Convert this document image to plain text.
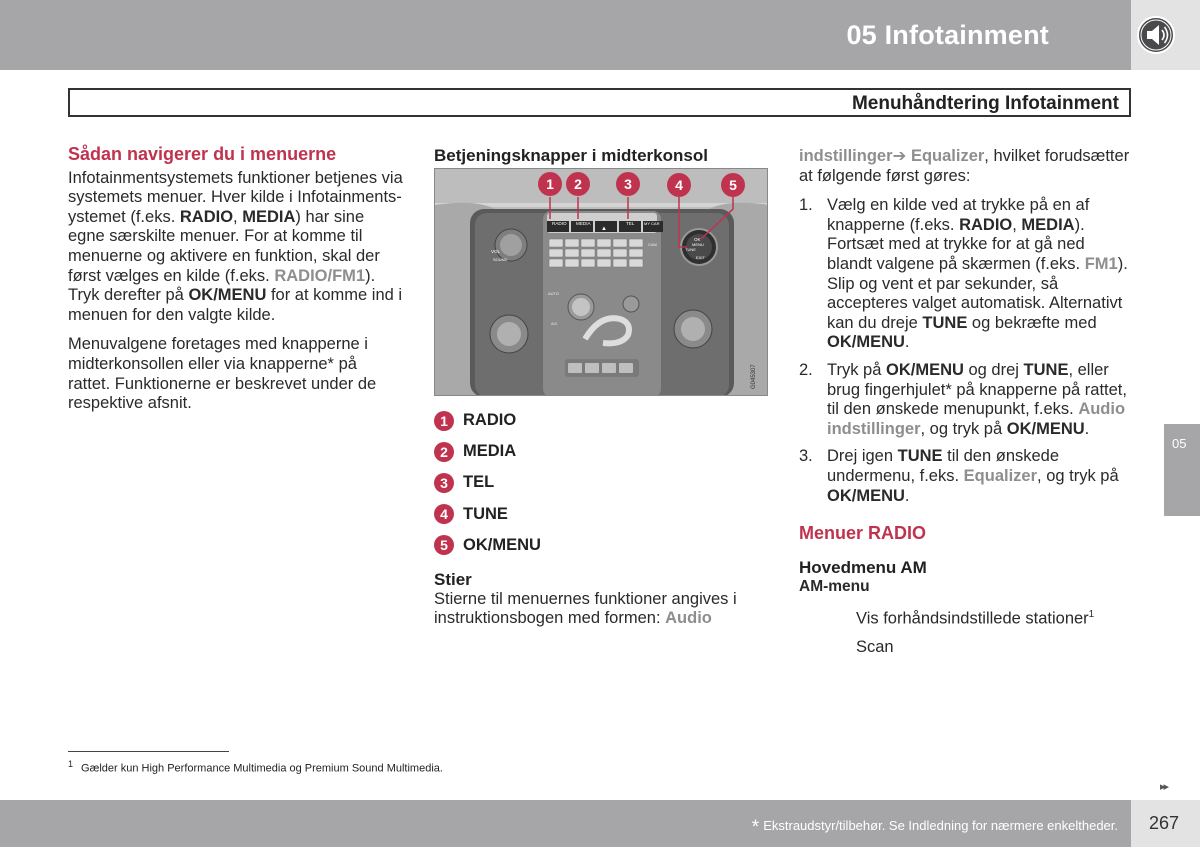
05 Infotainment
Menuhåndtering Infotainment
Sådan navigerer du i menuerne

Infotainmentsystemets funktioner betjenes via systemets menuer. Hver kilde i Infotainments-ystemet (f.eks. RADIO, MEDIA) har sine egne særskilte menuer. For at komme til menuerne og aktivere en funktion, skal der først vælges en kilde (f.eks. RADIO/FM1). Tryk derefter på OK/MENU for at komme ind i menuen for den valgte kilde.

Menuvalgene foretages med knapperne i midterkonsollen eller via knapperne* på rattet. Funktionerne er beskrevet under de respektive afsnit.

Betjeningsknapper i midterkonsol
RADIO MEDIA	TEL MY CAR
▲
VOL
SOUND
OK
MENU
TUNE
EXIT
CAM
AUTO
A/C
1 2	3	4	5
G045307
1 RADIO
2 MEDIA
3 TEL
4 TUNE
5 OK/MENU
Stier

Stierne til menuernes funktioner angives i instruktionsbogen med formen: Audio

indstillinger➔ Equalizer, hvilket forudsætter at følgende først gøres:

1. Vælg en kilde ved at trykke på en af knapperne (f.eks. RADIO, MEDIA). Fortsæt med at trykke for at gå ned blandt valgene på skærmen (f.eks. FM1). Slip og vent et par sekunder, så accepteres valget automatisk. Alternativt kan du dreje TUNE og bekræfte med OK/MENU.
2. Tryk på OK/MENU og drej TUNE, eller brug fingerhjulet* på knapperne på rattet, til den ønskede menupunkt, f.eks. Audio indstillinger, og tryk på OK/MENU.
3. Drej igen TUNE til den ønskede undermenu, f.eks. Equalizer, og tryk på OK/MENU.
Menuer RADIO
Hovedmenu AM
AM-menu
Vis forhåndsindstillede stationer$^1$
Scan
$^1$ Gælder kun High Performance Multimedia og Premium Sound Multimedia.
05
▸▸
* Ekstraudstyr/tilbehør. Se Indledning for nærmere enkeltheder. 267
